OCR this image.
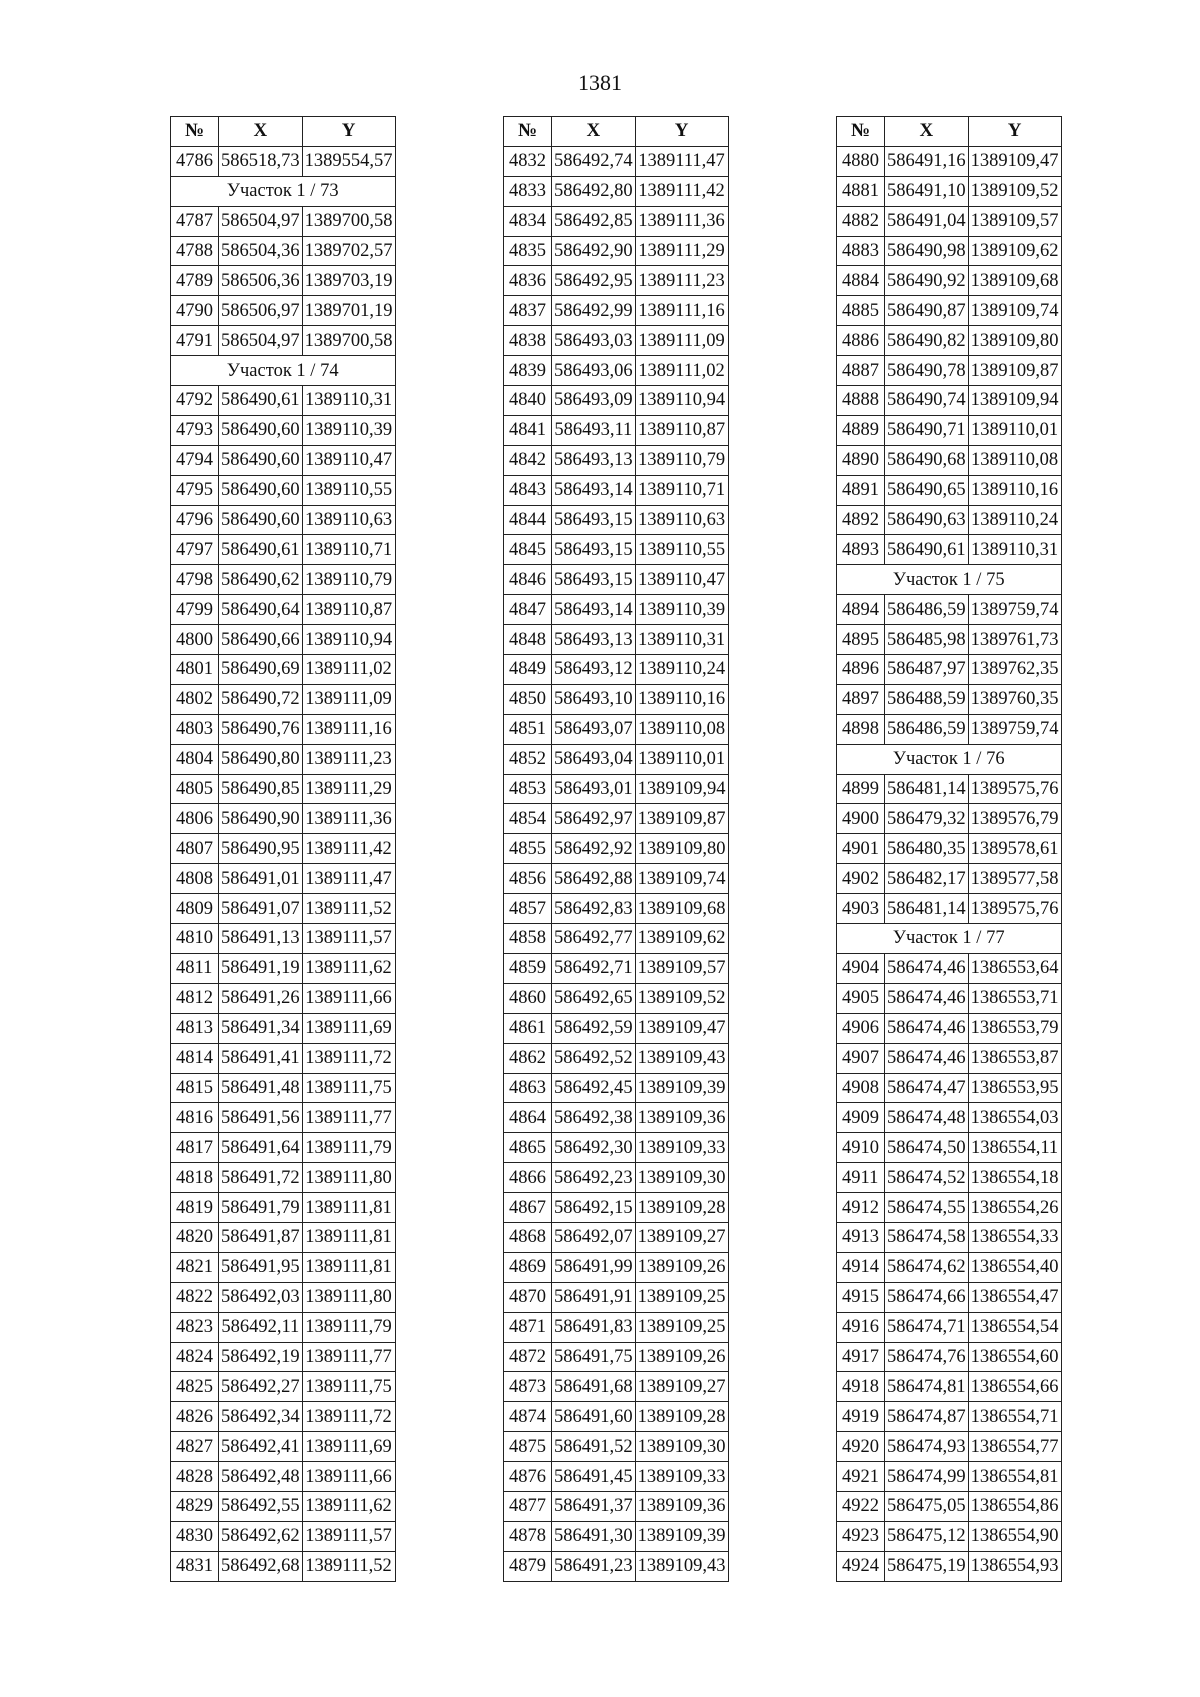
1381
№	X	Y
4786	586518,73	1389554,57
Участок 1 / 73		
4787	586504,97	1389700,58
4788	586504,36	1389702,57
4789	586506,36	1389703,19
4790	586506,97	1389701,19
4791	586504,97	1389700,58
Участок 1 / 74		
4792	586490,61	1389110,31
4793	586490,60	1389110,39
4794	586490,60	1389110,47
4795	586490,60	1389110,55
4796	586490,60	1389110,63
4797	586490,61	1389110,71
4798	586490,62	1389110,79
4799	586490,64	1389110,87
4800	586490,66	1389110,94
4801	586490,69	1389111,02
4802	586490,72	1389111,09
4803	586490,76	1389111,16
4804	586490,80	1389111,23
4805	586490,85	1389111,29
4806	586490,90	1389111,36
4807	586490,95	1389111,42
4808	586491,01	1389111,47
4809	586491,07	1389111,52
4810	586491,13	1389111,57
4811	586491,19	1389111,62
4812	586491,26	1389111,66
4813	586491,34	1389111,69
4814	586491,41	1389111,72
4815	586491,48	1389111,75
4816	586491,56	1389111,77
4817	586491,64	1389111,79
4818	586491,72	1389111,80
4819	586491,79	1389111,81
4820	586491,87	1389111,81
4821	586491,95	1389111,81
4822	586492,03	1389111,80
4823	586492,11	1389111,79
4824	586492,19	1389111,77
4825	586492,27	1389111,75
4826	586492,34	1389111,72
4827	586492,41	1389111,69
4828	586492,48	1389111,66
4829	586492,55	1389111,62
4830	586492,62	1389111,57
4831	586492,68	1389111,52
№	X	Y
4832	586492,74	1389111,47
4833	586492,80	1389111,42
4834	586492,85	1389111,36
4835	586492,90	1389111,29
4836	586492,95	1389111,23
4837	586492,99	1389111,16
4838	586493,03	1389111,09
4839	586493,06	1389111,02
4840	586493,09	1389110,94
4841	586493,11	1389110,87
4842	586493,13	1389110,79
4843	586493,14	1389110,71
4844	586493,15	1389110,63
4845	586493,15	1389110,55
4846	586493,15	1389110,47
4847	586493,14	1389110,39
4848	586493,13	1389110,31
4849	586493,12	1389110,24
4850	586493,10	1389110,16
4851	586493,07	1389110,08
4852	586493,04	1389110,01
4853	586493,01	1389109,94
4854	586492,97	1389109,87
4855	586492,92	1389109,80
4856	586492,88	1389109,74
4857	586492,83	1389109,68
4858	586492,77	1389109,62
4859	586492,71	1389109,57
4860	586492,65	1389109,52
4861	586492,59	1389109,47
4862	586492,52	1389109,43
4863	586492,45	1389109,39
4864	586492,38	1389109,36
4865	586492,30	1389109,33
4866	586492,23	1389109,30
4867	586492,15	1389109,28
4868	586492,07	1389109,27
4869	586491,99	1389109,26
4870	586491,91	1389109,25
4871	586491,83	1389109,25
4872	586491,75	1389109,26
4873	586491,68	1389109,27
4874	586491,60	1389109,28
4875	586491,52	1389109,30
4876	586491,45	1389109,33
4877	586491,37	1389109,36
4878	586491,30	1389109,39
4879	586491,23	1389109,43
№	X	Y
4880	586491,16	1389109,47
4881	586491,10	1389109,52
4882	586491,04	1389109,57
4883	586490,98	1389109,62
4884	586490,92	1389109,68
4885	586490,87	1389109,74
4886	586490,82	1389109,80
4887	586490,78	1389109,87
4888	586490,74	1389109,94
4889	586490,71	1389110,01
4890	586490,68	1389110,08
4891	586490,65	1389110,16
4892	586490,63	1389110,24
4893	586490,61	1389110,31
Участок 1 / 75		
4894	586486,59	1389759,74
4895	586485,98	1389761,73
4896	586487,97	1389762,35
4897	586488,59	1389760,35
4898	586486,59	1389759,74
Участок 1 / 76		
4899	586481,14	1389575,76
4900	586479,32	1389576,79
4901	586480,35	1389578,61
4902	586482,17	1389577,58
4903	586481,14	1389575,76
Участок 1 / 77		
4904	586474,46	1386553,64
4905	586474,46	1386553,71
4906	586474,46	1386553,79
4907	586474,46	1386553,87
4908	586474,47	1386553,95
4909	586474,48	1386554,03
4910	586474,50	1386554,11
4911	586474,52	1386554,18
4912	586474,55	1386554,26
4913	586474,58	1386554,33
4914	586474,62	1386554,40
4915	586474,66	1386554,47
4916	586474,71	1386554,54
4917	586474,76	1386554,60
4918	586474,81	1386554,66
4919	586474,87	1386554,71
4920	586474,93	1386554,77
4921	586474,99	1386554,81
4922	586475,05	1386554,86
4923	586475,12	1386554,90
4924	586475,19	1386554,93
